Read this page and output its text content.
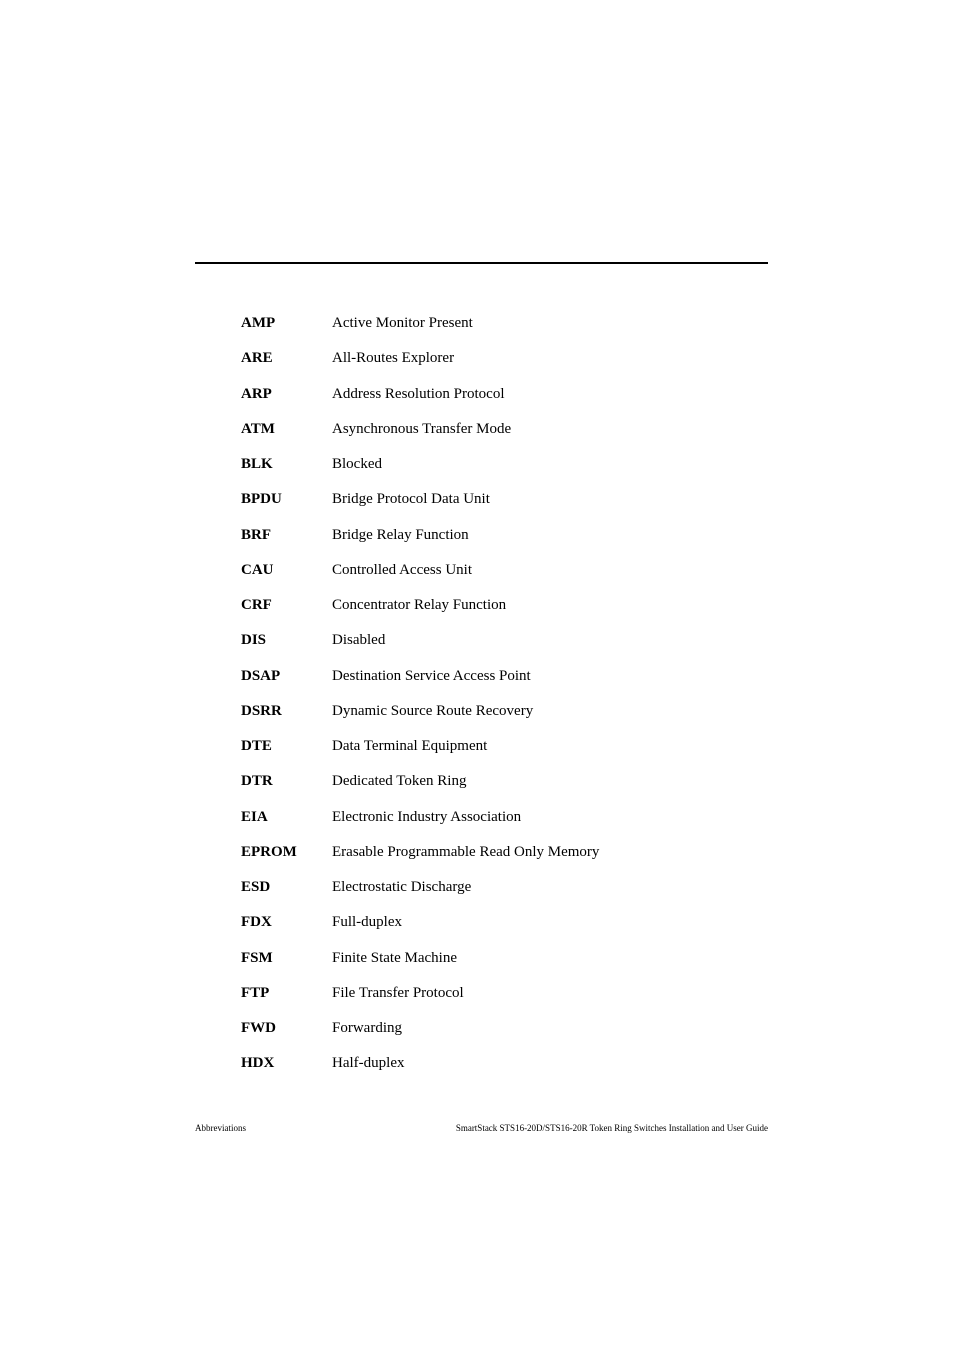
AMP	Active Monitor Present
ARE	All-Routes Explorer
ARP	Address Resolution Protocol
ATM	Asynchronous Transfer Mode
BLK	Blocked
BPDU	Bridge Protocol Data Unit
BRF	Bridge Relay Function
CAU	Controlled Access Unit
CRF	Concentrator Relay Function
DIS	Disabled
DSAP	Destination Service Access Point
DSRR	Dynamic Source Route Recovery
DTE	Data Terminal Equipment
DTR	Dedicated Token Ring
EIA	Electronic Industry Association
EPROM	Erasable Programmable Read Only Memory
ESD	Electrostatic Discharge
FDX	Full-duplex
FSM	Finite State Machine
FTP	File Transfer Protocol
FWD	Forwarding
HDX	Half-duplex
Abbreviations	SmartStack STS16-20D/STS16-20R Token Ring Switches Installation and User Guide
